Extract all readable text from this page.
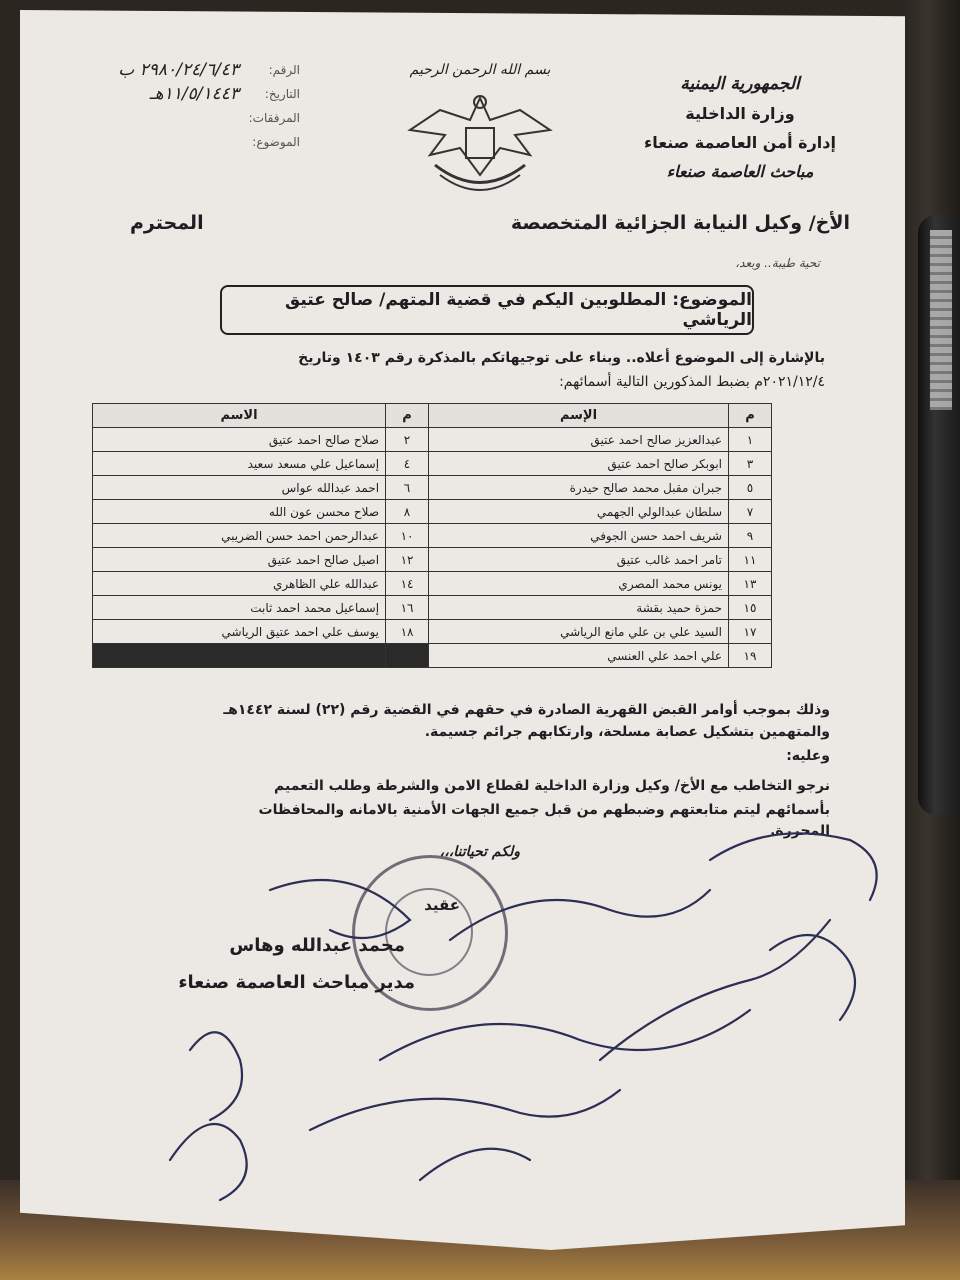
الجمهورية اليمنية
وزارة الداخلية
إدارة أمن العاصمة صنعاء
مباحث العاصمة صنعاء
بسم الله الرحمن الرحيم
الرقم:
٢٩٨٠/٢٤/٦/٤٣ ب
التاريخ:
١١/٥/١٤٤٣هـ
المرفقات:
الموضوع:
الأخ/ وكيل النيابة الجزائية المتخصصة
المحترم
تحية طيبة.. وبعد،
الموضوع: المطلوبين اليكم في قضية المتهم/ صالح عتيق الرياشي
بالإشارة إلى الموضوع أعلاه.. وبناء على توجيهاتكم بالمذكرة رقم ١٤٠٣ وتاريخ
٢٠٢١/١٢/٤م بضبط المذكورين التالية أسمائهم:
م	الإسم	م	الاسم
١	عبدالعزيز صالح احمد عتيق	٢	صلاح صالح احمد عتيق
٣	ابوبكر صالح احمد عتيق	٤	إسماعيل علي مسعد سعيد
٥	جبران مقبل محمد صالح حيدرة	٦	احمد عبدالله عواس
٧	سلطان عبدالولي الجهمي	٨	صلاح محسن عون الله
٩	شريف احمد حسن الجوفي	١٠	عبدالرحمن احمد حسن الضريبي
١١	تامر احمد غالب عتيق	١٢	اصيل صالح احمد عتيق
١٣	يونس محمد المصري	١٤	عبدالله علي الظاهري
١٥	حمزة حميد بقشة	١٦	إسماعيل محمد احمد ثابت
١٧	السيد علي بن علي مانع الرياشي	١٨	يوسف علي احمد عتيق الرياشي
١٩	علي احمد علي العنسي		
وذلك بموجب أوامر القبض القهرية الصادرة في حقهم في القضية رقم (٢٢) لسنة ١٤٤٢هـ
والمتهمين بتشكيل عصابة مسلحة، وارتكابهم جرائم جسيمة.
وعليه:
نرجو التخاطب مع الأخ/ وكيل وزارة الداخلية لقطاع الامن والشرطة وطلب التعميم
بأسمائهم ليتم متابعتهم وضبطهم من قبل جميع الجهات الأمنية بالامانه والمحافظات المحررة.
ولكم تحياتنا،،،
عقيد
محمد عبدالله وهاس
مدير مباحث العاصمة صنعاء
